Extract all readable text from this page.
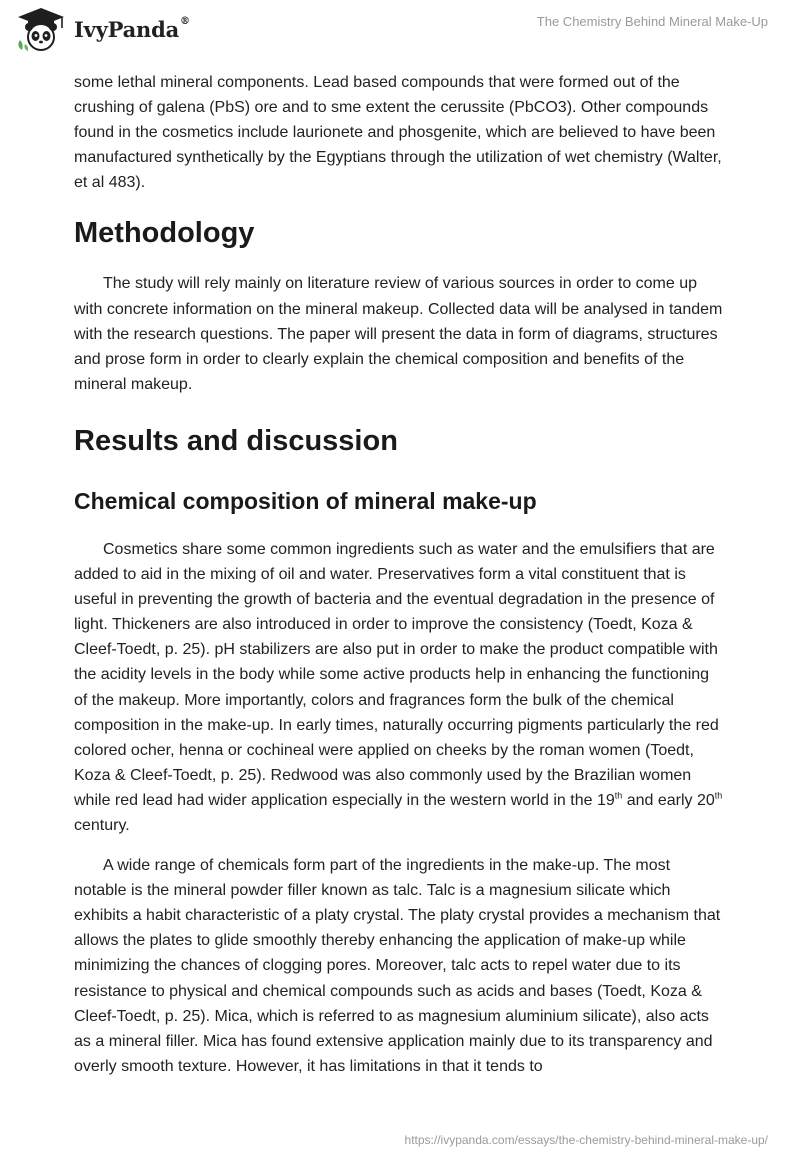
IvyPanda®	The Chemistry Behind Mineral Make-Up

some lethal mineral components. Lead based compounds that were formed out of the crushing of galena (PbS) ore and to sme extent the cerussite (PbCO3). Other compounds found in the cosmetics include laurionete and phosgenite, which are believed to have been manufactured synthetically by the Egyptians through the utilization of wet chemistry (Walter, et al 483).

Methodology

The study will rely mainly on literature review of various sources in order to come up with concrete information on the mineral makeup. Collected data will be analysed in tandem with the research questions. The paper will present the data in form of diagrams, structures and prose form in order to clearly explain the chemical composition and benefits of the mineral makeup.

Results and discussion
Chemical composition of mineral make-up

Cosmetics share some common ingredients such as water and the emulsifiers that are added to aid in the mixing of oil and water. Preservatives form a vital constituent that is useful in preventing the growth of bacteria and the eventual degradation in the presence of light. Thickeners are also introduced in order to improve the consistency (Toedt, Koza & Cleef-Toedt, p. 25). pH stabilizers are also put in order to make the product compatible with the acidity levels in the body while some active products help in enhancing the functioning of the makeup. More importantly, colors and fragrances form the bulk of the chemical composition in the make-up. In early times, naturally occurring pigments particularly the red colored ocher, henna or cochineal were applied on cheeks by the roman women (Toedt, Koza & Cleef-Toedt, p. 25). Redwood was also commonly used by the Brazilian women while red lead had wider application especially in the western world in the 19th and early 20th century.

A wide range of chemicals form part of the ingredients in the make-up. The most notable is the mineral powder filler known as talc. Talc is a magnesium silicate which exhibits a habit characteristic of a platy crystal. The platy crystal provides a mechanism that allows the plates to glide smoothly thereby enhancing the application of make-up while minimizing the chances of clogging pores. Moreover, talc acts to repel water due to its resistance to physical and chemical compounds such as acids and bases (Toedt, Koza & Cleef-Toedt, p. 25). Mica, which is referred to as magnesium aluminium silicate), also acts as a mineral filler. Mica has found extensive application mainly due to its transparency and overly smooth texture. However, it has limitations in that it tends to

https://ivypanda.com/essays/the-chemistry-behind-mineral-make-up/
